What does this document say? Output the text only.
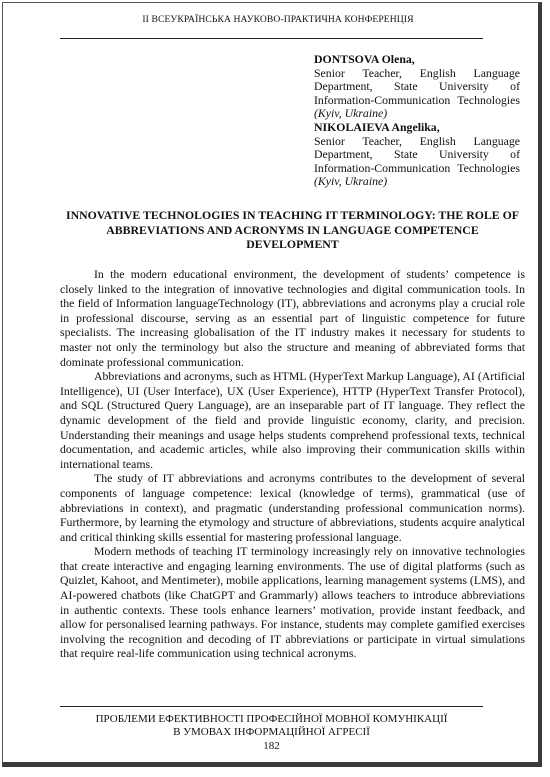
ІІ ВСЕУКРАЇНСЬКА НАУКОВО-ПРАКТИЧНА КОНФЕРЕНЦІЯ
DONTSOVA Olena,
Senior Teacher, English Language Department, State University of Information-Communication Technologies (Kyiv, Ukraine)
NIKOLAIEVA Angelika,
Senior Teacher, English Language Department, State University of Information-Communication Technologies (Kyiv, Ukraine)
INNOVATIVE TECHNOLOGIES IN TEACHING IT TERMINOLOGY: THE ROLE OF ABBREVIATIONS AND ACRONYMS IN LANGUAGE COMPETENCE DEVELOPMENT

In the modern educational environment, the development of students’ competence is closely linked to the integration of innovative technologies and digital communication tools. In the field of Information languageTechnology (IT), abbreviations and acronyms play a crucial role in professional discourse, serving as an essential part of linguistic competence for future specialists. The increasing globalisation of the IT industry makes it necessary for students to master not only the terminology but also the structure and meaning of abbreviated forms that dominate professional communication.

Abbreviations and acronyms, such as HTML (HyperText Markup Language), AI (Artificial Intelligence), UI (User Interface), UX (User Experience), HTTP (HyperText Transfer Protocol), and SQL (Structured Query Language), are an inseparable part of IT language. They reflect the dynamic development of the field and provide linguistic economy, clarity, and precision. Understanding their meanings and usage helps students comprehend professional texts, technical documentation, and academic articles, while also improving their communication skills within international teams.

The study of IT abbreviations and acronyms contributes to the development of several components of language competence: lexical (knowledge of terms), grammatical (use of abbreviations in context), and pragmatic (understanding professional communication norms). Furthermore, by learning the etymology and structure of abbreviations, students acquire analytical and critical thinking skills essential for mastering professional language.

Modern methods of teaching IT terminology increasingly rely on innovative technologies that create interactive and engaging learning environments. The use of digital platforms (such as Quizlet, Kahoot, and Mentimeter), mobile applications, learning management systems (LMS), and AI-powered chatbots (like ChatGPT and Grammarly) allows teachers to introduce abbreviations in authentic contexts. These tools enhance learners’ motivation, provide instant feedback, and allow for personalised learning pathways. For instance, students may complete gamified exercises involving the recognition and decoding of IT abbreviations or participate in virtual simulations that require real-life communication using technical acronyms.

ПРОБЛЕМИ ЕФЕКТИВНОСТІ ПРОФЕСІЙНОЇ МОВНОЇ КОМУНІКАЦІЇ
В УМОВАХ ІНФОРМАЦІЙНОЇ АГРЕСІЇ
182
